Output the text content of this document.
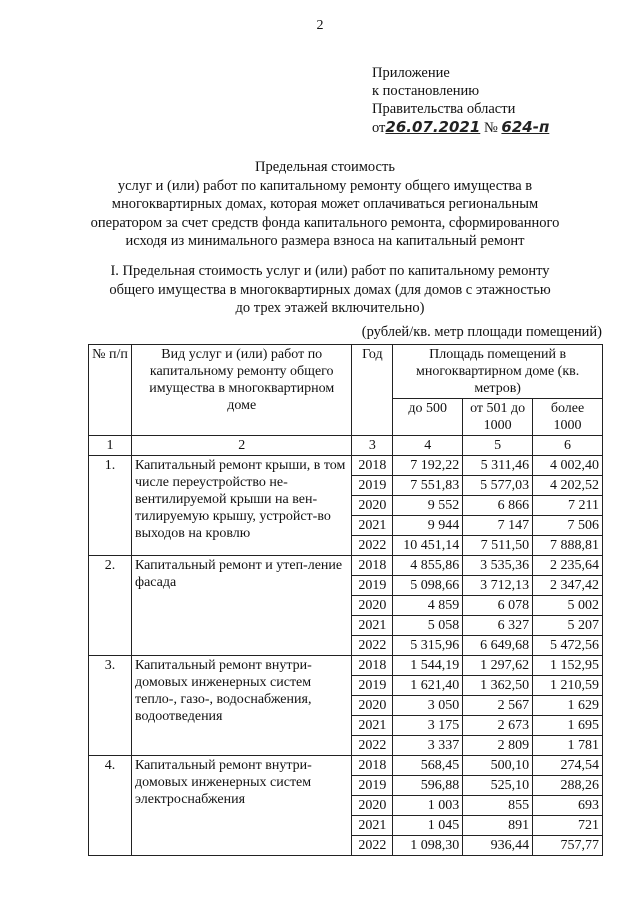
2
Приложение
к постановлению
Правительства области
от26.07.2021 № 624-п
Предельная стоимость
услуг и (или) работ по капитальному ремонту общего имущества в
многоквартирных домах, которая может оплачиваться региональным
оператором за счет средств фонда капитального ремонта, сформированного
исходя из минимального размера взноса на капитальный ремонт
I. Предельная стоимость услуг и (или) работ по капитальному ремонту
общего имущества в многоквартирных домах (для домов с этажностью
до трех этажей включительно)
(рублей/кв. метр площади помещений)
№ п/п	Вид услуг и (или) работ по капитальному ремонту общего имущества в многоквартирном доме	Год	Площадь помещений в многоквартирном доме (кв. метров)		
			до 500	от 501 до 1000	более 1000
1	2	3	4	5	6
1.	Капитальный ремонт крыши, в том числе переустройство не-вентилируемой крыши на вен-тилируемую крышу, устройст-во выходов на кровлю	2018	7 192,22	5 311,46	4 002,40
		2019	7 551,83	5 577,03	4 202,52
		2020	9 552	6 866	7 211
		2021	9 944	7 147	7 506
		2022	10 451,14	7 511,50	7 888,81
2.	Капитальный ремонт и утеп-ление фасада	2018	4 855,86	3 535,36	2 235,64
		2019	5 098,66	3 712,13	2 347,42
		2020	4 859	6 078	5 002
		2021	5 058	6 327	5 207
		2022	5 315,96	6 649,68	5 472,56
3.	Капитальный ремонт внутри-домовых инженерных систем тепло-, газо-, водоснабжения, водоотведения	2018	1 544,19	1 297,62	1 152,95
		2019	1 621,40	1 362,50	1 210,59
		2020	3 050	2 567	1 629
		2021	3 175	2 673	1 695
		2022	3 337	2 809	1 781
4.	Капитальный ремонт внутри-домовых инженерных систем электроснабжения	2018	568,45	500,10	274,54
		2019	596,88	525,10	288,26
		2020	1 003	855	693
		2021	1 045	891	721
		2022	1 098,30	936,44	757,77
